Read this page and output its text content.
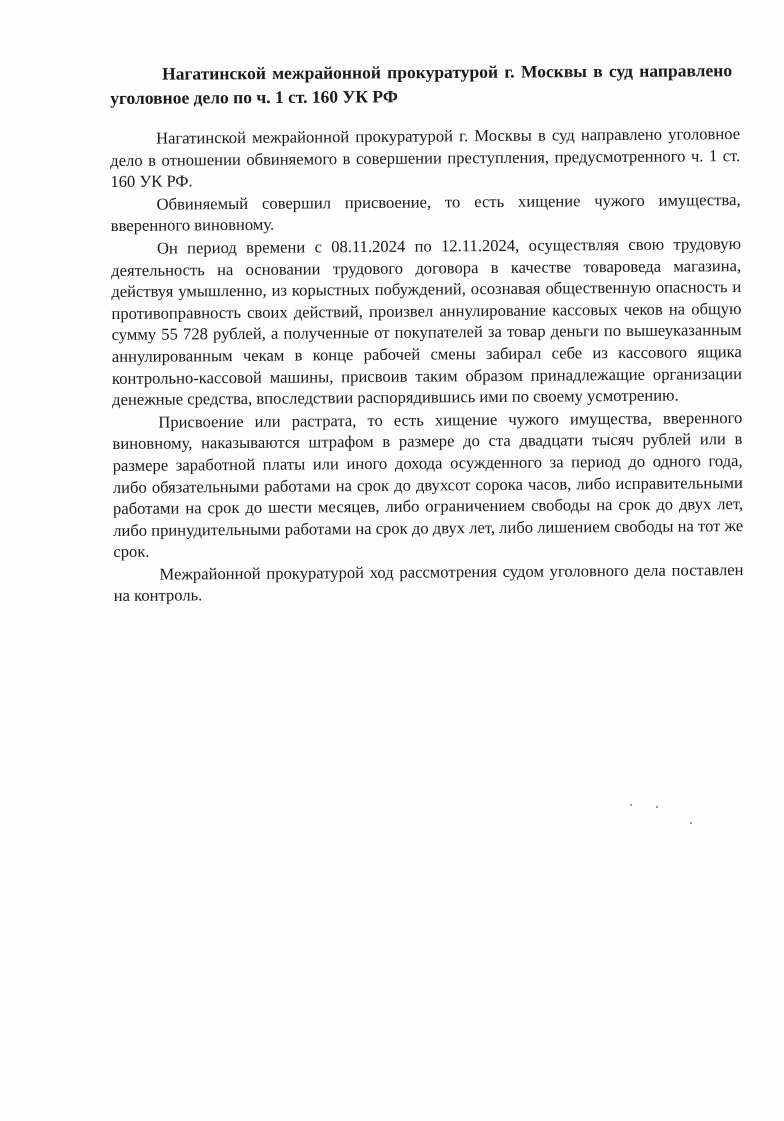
Нагатинской межрайонной прокуратурой г. Москвы в суд направлено уголовное дело по ч. 1 ст. 160 УК РФ

Нагатинской межрайонной прокуратурой г. Москвы в суд направлено уголовное дело в отношении обвиняемого в совершении преступления, предусмотренного ч. 1 ст. 160 УК РФ.

Обвиняемый совершил присвоение, то есть хищение чужого имущества, вверенного виновному.

Он период времени с 08.11.2024 по 12.11.2024, осуществляя свою трудовую деятельность на основании трудового договора в качестве товароведа магазина, действуя умышленно, из корыстных побуждений, осознавая общественную опасность и противоправность своих действий, произвел аннулирование кассовых чеков на общую сумму 55 728 рублей, а полученные от покупателей за товар деньги по вышеуказанным аннулированным чекам в конце рабочей смены забирал себе из кассового ящика контрольно-кассовой машины, присвоив таким образом принадлежащие организации денежные средства, впоследствии распорядившись ими по своему усмотрению.

Присвоение или растрата, то есть хищение чужого имущества, вверенного виновному, наказываются штрафом в размере до ста двадцати тысяч рублей или в размере заработной платы или иного дохода осужденного за период до одного года, либо обязательными работами на срок до двухсот сорока часов, либо исправительными работами на срок до шести месяцев, либо ограничением свободы на срок до двух лет, либо принудительными работами на срок до двух лет, либо лишением свободы на тот же срок.

Межрайонной прокуратурой ход рассмотрения судом уголовного дела поставлен на контроль.
